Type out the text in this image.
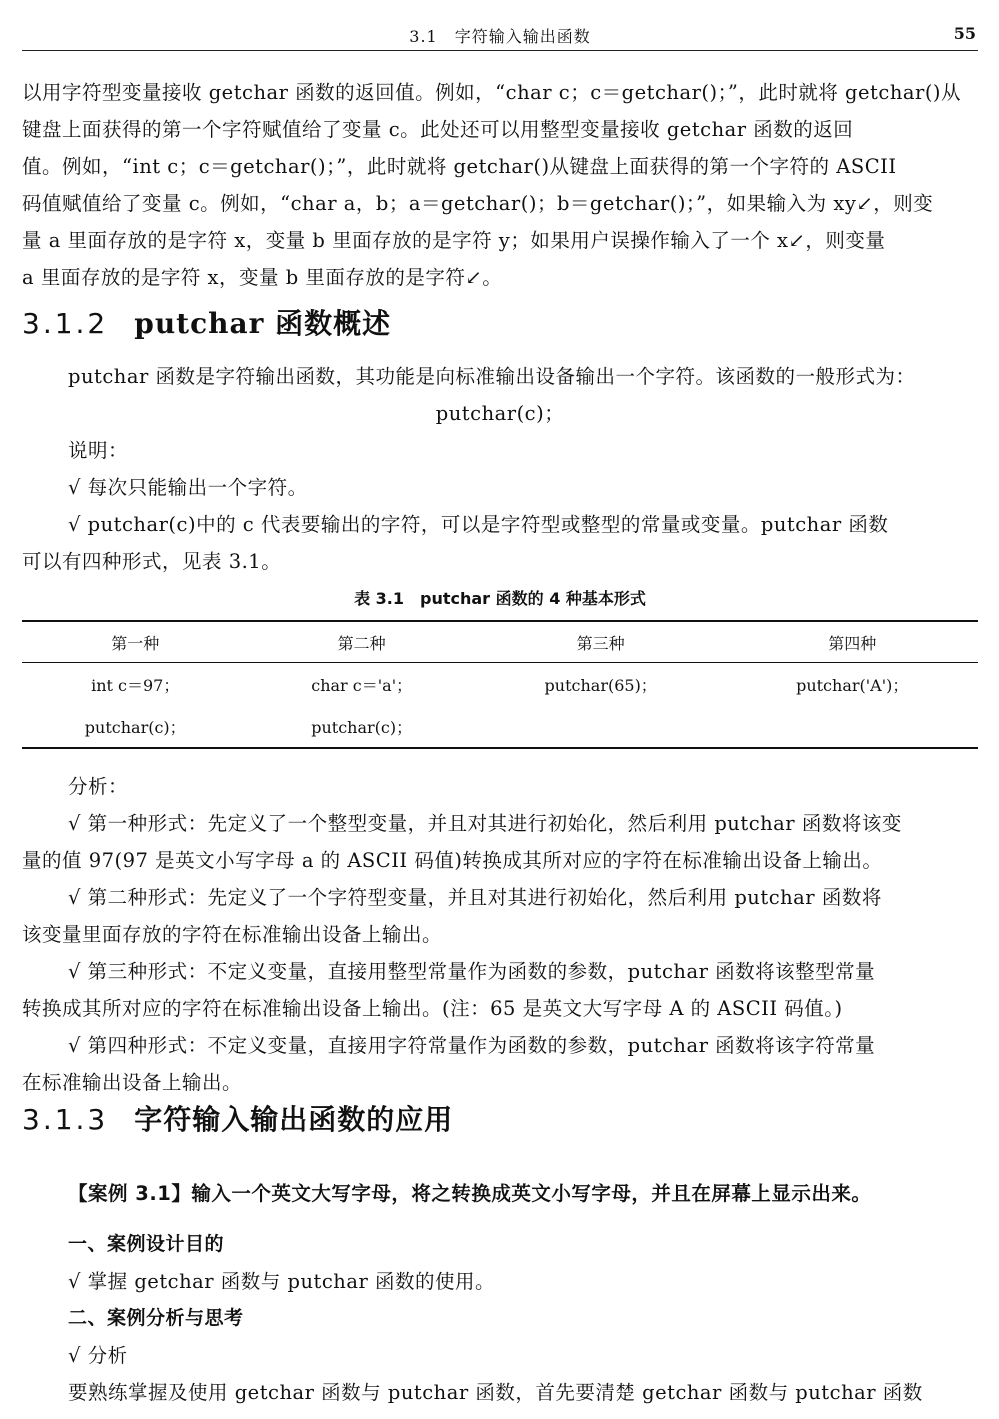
3.1　字符输入输出函数	55
以用字符型变量接收 getchar 函数的返回值。例如，“char c；c＝getchar()；”，此时就将 getchar()从
键盘上面获得的第一个字符赋值给了变量 c。此处还可以用整型变量接收 getchar 函数的返回
值。例如，“int c；c＝getchar()；”，此时就将 getchar()从键盘上面获得的第一个字符的 ASCII
码值赋值给了变量 c。例如，“char a，b；a＝getchar()；b＝getchar()；”，如果输入为 xy↙，则变
量 a 里面存放的是字符 x，变量 b 里面存放的是字符 y；如果用户误操作输入了一个 x↙，则变量
a 里面存放的是字符 x，变量 b 里面存放的是字符↙。
3.1.2 putchar 函数概述
putchar 函数是字符输出函数，其功能是向标准输出设备输出一个字符。该函数的一般形式为：
putchar(c)；
说明：
√ 每次只能输出一个字符。
√ putchar(c)中的 c 代表要输出的字符，可以是字符型或整型的常量或变量。putchar 函数
可以有四种形式，见表 3.1。
表 3.1　putchar 函数的 4 种基本形式
第一种	第二种	第三种	第四种
int c＝97；	char c＝'a'；	putchar(65)；	putchar('A')；
putchar(c)；	putchar(c)；		
分析：
√ 第一种形式：先定义了一个整型变量，并且对其进行初始化，然后利用 putchar 函数将该变
量的值 97(97 是英文小写字母 a 的 ASCII 码值)转换成其所对应的字符在标准输出设备上输出。
√ 第二种形式：先定义了一个字符型变量，并且对其进行初始化，然后利用 putchar 函数将
该变量里面存放的字符在标准输出设备上输出。
√ 第三种形式：不定义变量，直接用整型常量作为函数的参数，putchar 函数将该整型常量
转换成其所对应的字符在标准输出设备上输出。(注：65 是英文大写字母 A 的 ASCII 码值。)
√ 第四种形式：不定义变量，直接用字符常量作为函数的参数，putchar 函数将该字符常量
在标准输出设备上输出。
3.1.3 字符输入输出函数的应用
【案例 3.1】输入一个英文大写字母，将之转换成英文小写字母，并且在屏幕上显示出来。
一、案例设计目的
√ 掌握 getchar 函数与 putchar 函数的使用。
二、案例分析与思考
√ 分析
要熟练掌握及使用 getchar 函数与 putchar 函数，首先要清楚 getchar 函数与 putchar 函数
